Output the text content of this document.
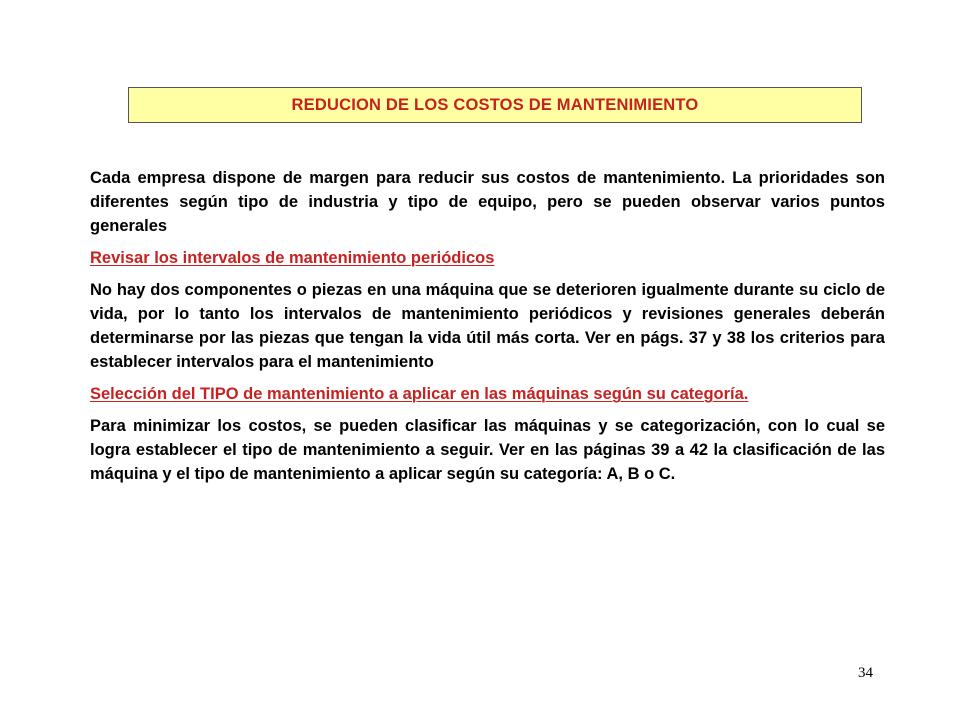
REDUCION DE LOS COSTOS DE MANTENIMIENTO

Cada empresa dispone de margen para reducir sus costos de mantenimiento. La prioridades son diferentes según tipo de industria y tipo de equipo, pero se pueden observar varios puntos generales

Revisar los intervalos de mantenimiento periódicos

No hay dos componentes o piezas en una máquina que se deterioren igualmente durante su ciclo de vida, por lo tanto los intervalos de mantenimiento periódicos y revisiones generales deberán determinarse por las piezas que tengan la vida útil más corta. Ver en págs. 37 y 38 los criterios para establecer intervalos para el mantenimiento

Selección del TIPO de mantenimiento a aplicar en las máquinas según su categoría.

Para minimizar los costos, se pueden clasificar las máquinas y se categorización, con lo cual se logra establecer el tipo de mantenimiento a seguir. Ver en las páginas 39 a 42 la clasificación de las máquina y el tipo de mantenimiento a aplicar según su categoría: A, B o C.

34
